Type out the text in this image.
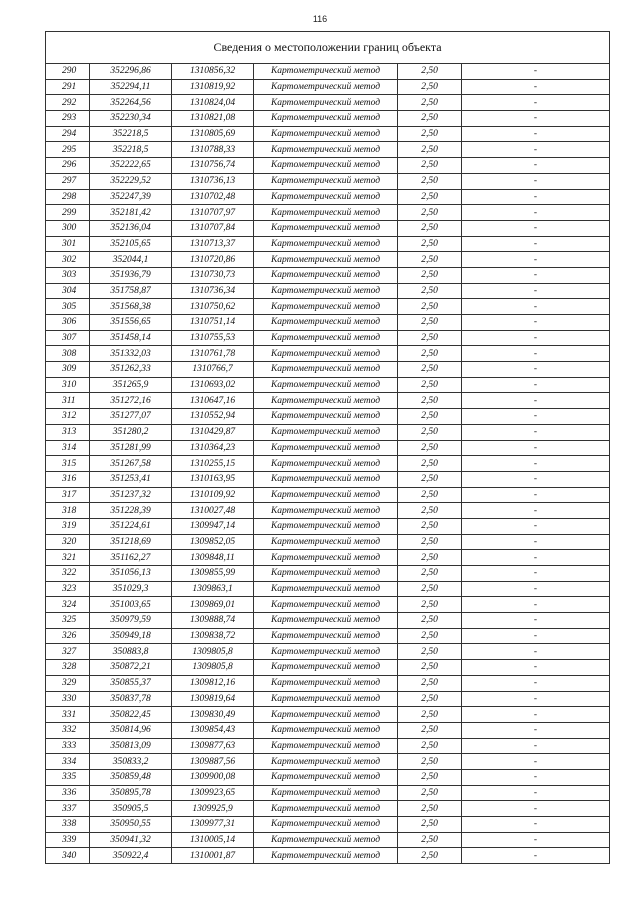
116
Сведения о местоположении границ объекта					
290	352296,86	1310856,32	Картометрический метод	2,50	-
291	352294,11	1310819,92	Картометрический метод	2,50	-
292	352264,56	1310824,04	Картометрический метод	2,50	-
293	352230,34	1310821,08	Картометрический метод	2,50	-
294	352218,5	1310805,69	Картометрический метод	2,50	-
295	352218,5	1310788,33	Картометрический метод	2,50	-
296	352222,65	1310756,74	Картометрический метод	2,50	-
297	352229,52	1310736,13	Картометрический метод	2,50	-
298	352247,39	1310702,48	Картометрический метод	2,50	-
299	352181,42	1310707,97	Картометрический метод	2,50	-
300	352136,04	1310707,84	Картометрический метод	2,50	-
301	352105,65	1310713,37	Картометрический метод	2,50	-
302	352044,1	1310720,86	Картометрический метод	2,50	-
303	351936,79	1310730,73	Картометрический метод	2,50	-
304	351758,87	1310736,34	Картометрический метод	2,50	-
305	351568,38	1310750,62	Картометрический метод	2,50	-
306	351556,65	1310751,14	Картометрический метод	2,50	-
307	351458,14	1310755,53	Картометрический метод	2,50	-
308	351332,03	1310761,78	Картометрический метод	2,50	-
309	351262,33	1310766,7	Картометрический метод	2,50	-
310	351265,9	1310693,02	Картометрический метод	2,50	-
311	351272,16	1310647,16	Картометрический метод	2,50	-
312	351277,07	1310552,94	Картометрический метод	2,50	-
313	351280,2	1310429,87	Картометрический метод	2,50	-
314	351281,99	1310364,23	Картометрический метод	2,50	-
315	351267,58	1310255,15	Картометрический метод	2,50	-
316	351253,41	1310163,95	Картометрический метод	2,50	-
317	351237,32	1310109,92	Картометрический метод	2,50	-
318	351228,39	1310027,48	Картометрический метод	2,50	-
319	351224,61	1309947,14	Картометрический метод	2,50	-
320	351218,69	1309852,05	Картометрический метод	2,50	-
321	351162,27	1309848,11	Картометрический метод	2,50	-
322	351056,13	1309855,99	Картометрический метод	2,50	-
323	351029,3	1309863,1	Картометрический метод	2,50	-
324	351003,65	1309869,01	Картометрический метод	2,50	-
325	350979,59	1309888,74	Картометрический метод	2,50	-
326	350949,18	1309838,72	Картометрический метод	2,50	-
327	350883,8	1309805,8	Картометрический метод	2,50	-
328	350872,21	1309805,8	Картометрический метод	2,50	-
329	350855,37	1309812,16	Картометрический метод	2,50	-
330	350837,78	1309819,64	Картометрический метод	2,50	-
331	350822,45	1309830,49	Картометрический метод	2,50	-
332	350814,96	1309854,43	Картометрический метод	2,50	-
333	350813,09	1309877,63	Картометрический метод	2,50	-
334	350833,2	1309887,56	Картометрический метод	2,50	-
335	350859,48	1309900,08	Картометрический метод	2,50	-
336	350895,78	1309923,65	Картометрический метод	2,50	-
337	350905,5	1309925,9	Картометрический метод	2,50	-
338	350950,55	1309977,31	Картометрический метод	2,50	-
339	350941,32	1310005,14	Картометрический метод	2,50	-
340	350922,4	1310001,87	Картометрический метод	2,50	-
